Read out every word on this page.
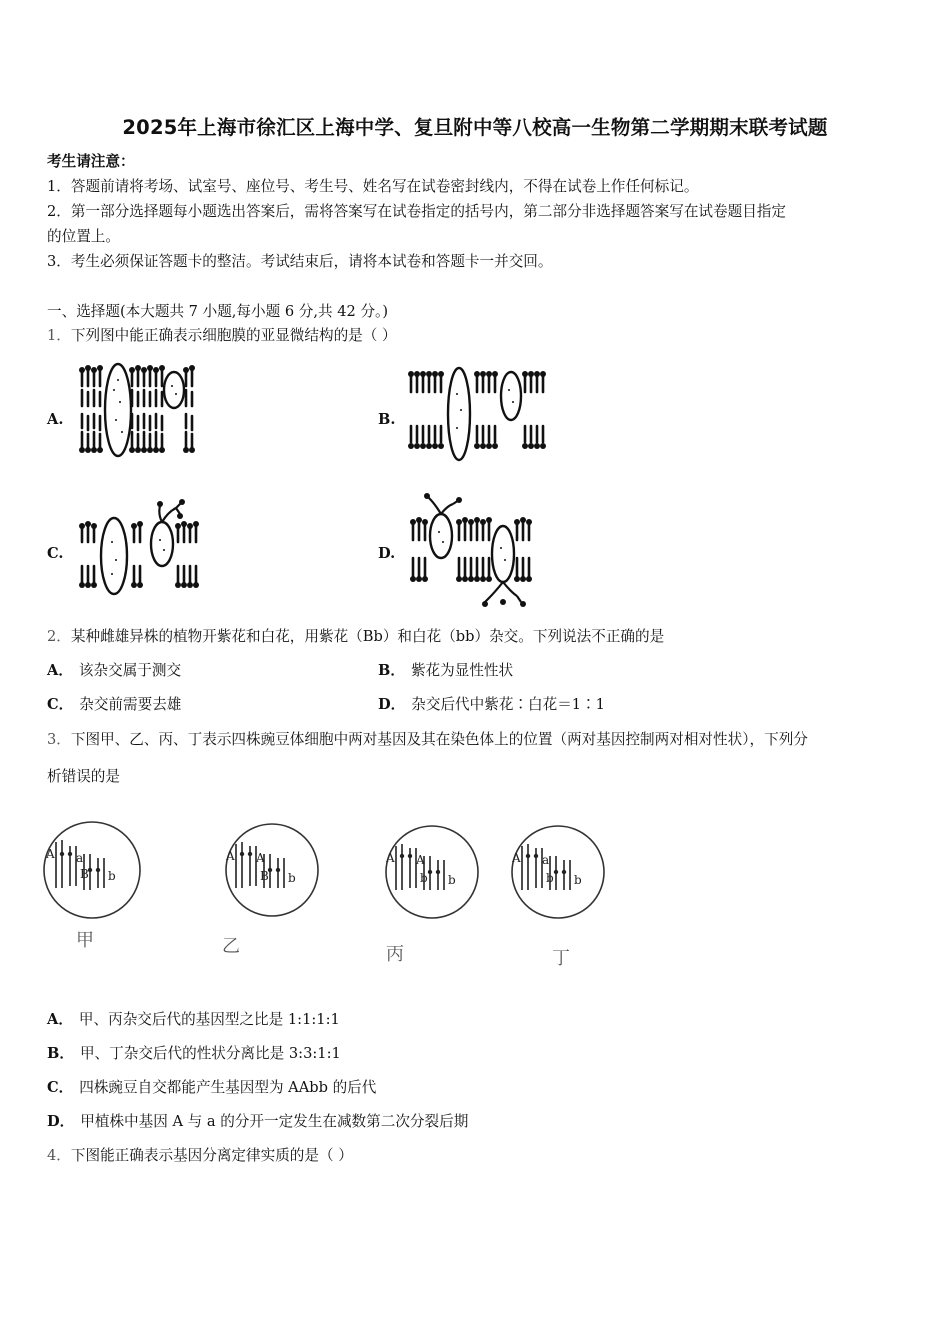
2025年上海市徐汇区上海中学、复旦附中等八校高一生物第二学期期末联考试题
考生请注意：
1．答题前请将考场、试室号、座位号、考生号、姓名写在试卷密封线内，不得在试卷上作任何标记。
2．第一部分选择题每小题选出答案后，需将答案写在试卷指定的括号内，第二部分非选择题答案写在试卷题目指定
的位置上。
3．考生必须保证答题卡的整洁。考试结束后，请将本试卷和答题卡一并交回。
一、选择题(本大题共 7 小题,每小题 6 分,共 42 分。)
1．下列图中能正确表示细胞膜的亚显微结构的是（ ）
A.	B.
C.	D.
2．某种雌雄异株的植物开紫花和白花，用紫花（Bb）和白花（bb）杂交。下列说法不正确的是
A． 该杂交属于测交	B． 紫花为显性性状
C． 杂交前需要去雄	D． 杂交后代中紫花∶白花＝1∶1
3．下图甲、乙、丙、丁表示四株豌豆体细胞中两对基因及其在染色体上的位置（两对基因控制两对相对性状），下列分
析错误的是
A a
B b
A A
B b
A A
b b
A a
b b
甲	乙	丙	丁
A． 甲、丙杂交后代的基因型之比是 1:1:1:1
B． 甲、丁杂交后代的性状分离比是 3:3:1:1
C． 四株豌豆自交都能产生基因型为 AAbb 的后代
D． 甲植株中基因 A 与 a 的分开一定发生在减数第二次分裂后期
4．下图能正确表示基因分离定律实质的是（ ）
